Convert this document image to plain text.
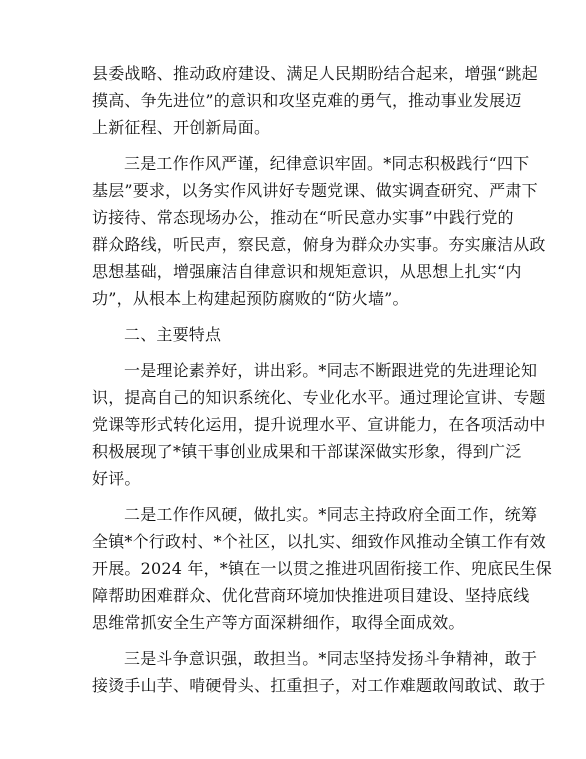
县委战略、推动政府建设、满足人民期盼结合起来，增强“跳起
摸高、争先进位”的意识和攻坚克难的勇气，推动事业发展迈
上新征程、开创新局面。
三是工作作风严谨，纪律意识牢固。*同志积极践行“四下
基层”要求，以务实作风讲好专题党课、做实调查研究、严肃下
访接待、常态现场办公，推动在“听民意办实事”中践行党的
群众路线，听民声，察民意，俯身为群众办实事。夯实廉洁从政
思想基础，增强廉洁自律意识和规矩意识，从思想上扎实“内
功”，从根本上构建起预防腐败的“防火墙”。
二、主要特点
一是理论素养好，讲出彩。*同志不断跟进党的先进理论知
识，提高自己的知识系统化、专业化水平。通过理论宣讲、专题
党课等形式转化运用，提升说理水平、宣讲能力，在各项活动中
积极展现了*镇干事创业成果和干部谋深做实形象，得到广泛
好评。
二是工作作风硬，做扎实。*同志主持政府全面工作，统筹
全镇*个行政村、*个社区，以扎实、细致作风推动全镇工作有效
开展。2024 年，*镇在一以贯之推进巩固衔接工作、兜底民生保
障帮助困难群众、优化营商环境加快推进项目建设、坚持底线
思维常抓安全生产等方面深耕细作，取得全面成效。
三是斗争意识强，敢担当。*同志坚持发扬斗争精神，敢于
接烫手山芋、啃硬骨头、扛重担子，对工作难题敢闯敢试、敢于
